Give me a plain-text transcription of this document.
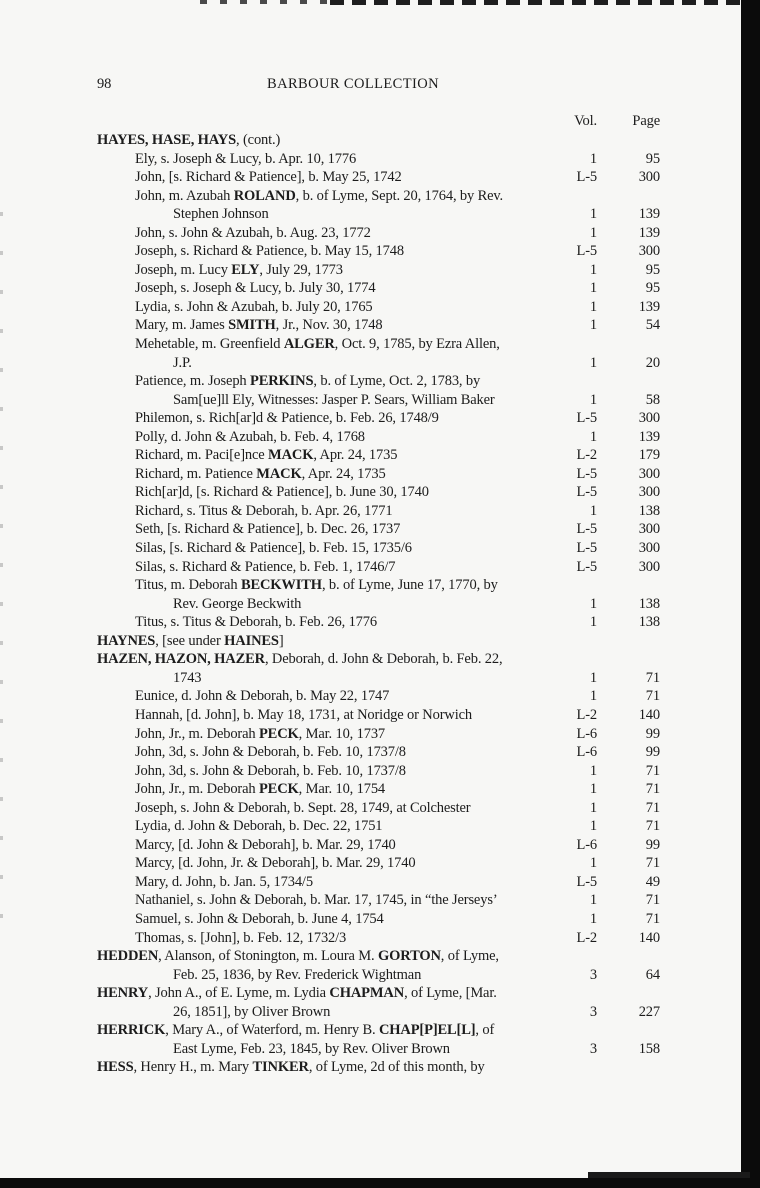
98	BARBOUR COLLECTION
Vol.	Page
HAYES, HASE, HAYS, (cont.)
Ely, s. Joseph & Lucy, b. Apr. 10, 1776	1	95
John, [s. Richard & Patience], b. May 25, 1742	L-5	300
John, m. Azubah ROLAND, b. of Lyme, Sept. 20, 1764, by Rev.
Stephen Johnson	1	139
John, s. John & Azubah, b. Aug. 23, 1772	1	139
Joseph, s. Richard & Patience, b. May 15, 1748	L-5	300
Joseph, m. Lucy ELY, July 29, 1773	1	95
Joseph, s. Joseph & Lucy, b. July 30, 1774	1	95
Lydia, s. John & Azubah, b. July 20, 1765	1	139
Mary, m. James SMITH, Jr., Nov. 30, 1748	1	54
Mehetable, m. Greenfield ALGER, Oct. 9, 1785, by Ezra Allen,
J.P.	1	20
Patience, m. Joseph PERKINS, b. of Lyme, Oct. 2, 1783, by
Sam[ue]ll Ely, Witnesses: Jasper P. Sears, William Baker	1	58
Philemon, s. Rich[ar]d & Patience, b. Feb. 26, 1748/9	L-5	300
Polly, d. John & Azubah, b. Feb. 4, 1768	1	139
Richard, m. Paci[e]nce MACK, Apr. 24, 1735	L-2	179
Richard, m. Patience MACK, Apr. 24, 1735	L-5	300
Rich[ar]d, [s. Richard & Patience], b. June 30, 1740	L-5	300
Richard, s. Titus & Deborah, b. Apr. 26, 1771	1	138
Seth, [s. Richard & Patience], b. Dec. 26, 1737	L-5	300
Silas, [s. Richard & Patience], b. Feb. 15, 1735/6	L-5	300
Silas, s. Richard & Patience, b. Feb. 1, 1746/7	L-5	300
Titus, m. Deborah BECKWITH, b. of Lyme, June 17, 1770, by
Rev. George Beckwith	1	138
Titus, s. Titus & Deborah, b. Feb. 26, 1776	1	138
HAYNES, [see under HAINES]
HAZEN, HAZON, HAZER, Deborah, d. John & Deborah, b. Feb. 22,
1743	1	71
Eunice, d. John & Deborah, b. May 22, 1747	1	71
Hannah, [d. John], b. May 18, 1731, at Noridge or Norwich	L-2	140
John, Jr., m. Deborah PECK, Mar. 10, 1737	L-6	99
John, 3d, s. John & Deborah, b. Feb. 10, 1737/8	L-6	99
John, 3d, s. John & Deborah, b. Feb. 10, 1737/8	1	71
John, Jr., m. Deborah PECK, Mar. 10, 1754	1	71
Joseph, s. John & Deborah, b. Sept. 28, 1749, at Colchester	1	71
Lydia, d. John & Deborah, b. Dec. 22, 1751	1	71
Marcy, [d. John & Deborah], b. Mar. 29, 1740	L-6	99
Marcy, [d. John, Jr. & Deborah], b. Mar. 29, 1740	1	71
Mary, d. John, b. Jan. 5, 1734/5	L-5	49
Nathaniel, s. John & Deborah, b. Mar. 17, 1745, in “the Jerseys’	1	71
Samuel, s. John & Deborah, b. June 4, 1754	1	71
Thomas, s. [John], b. Feb. 12, 1732/3	L-2	140
HEDDEN, Alanson, of Stonington, m. Loura M. GORTON, of Lyme,
Feb. 25, 1836, by Rev. Frederick Wightman	3	64
HENRY, John A., of E. Lyme, m. Lydia CHAPMAN, of Lyme, [Mar.
26, 1851], by Oliver Brown	3	227
HERRICK, Mary A., of Waterford, m. Henry B. CHAP[P]EL[L], of
East Lyme, Feb. 23, 1845, by Rev. Oliver Brown	3	158
HESS, Henry H., m. Mary TINKER, of Lyme, 2d of this month, by
